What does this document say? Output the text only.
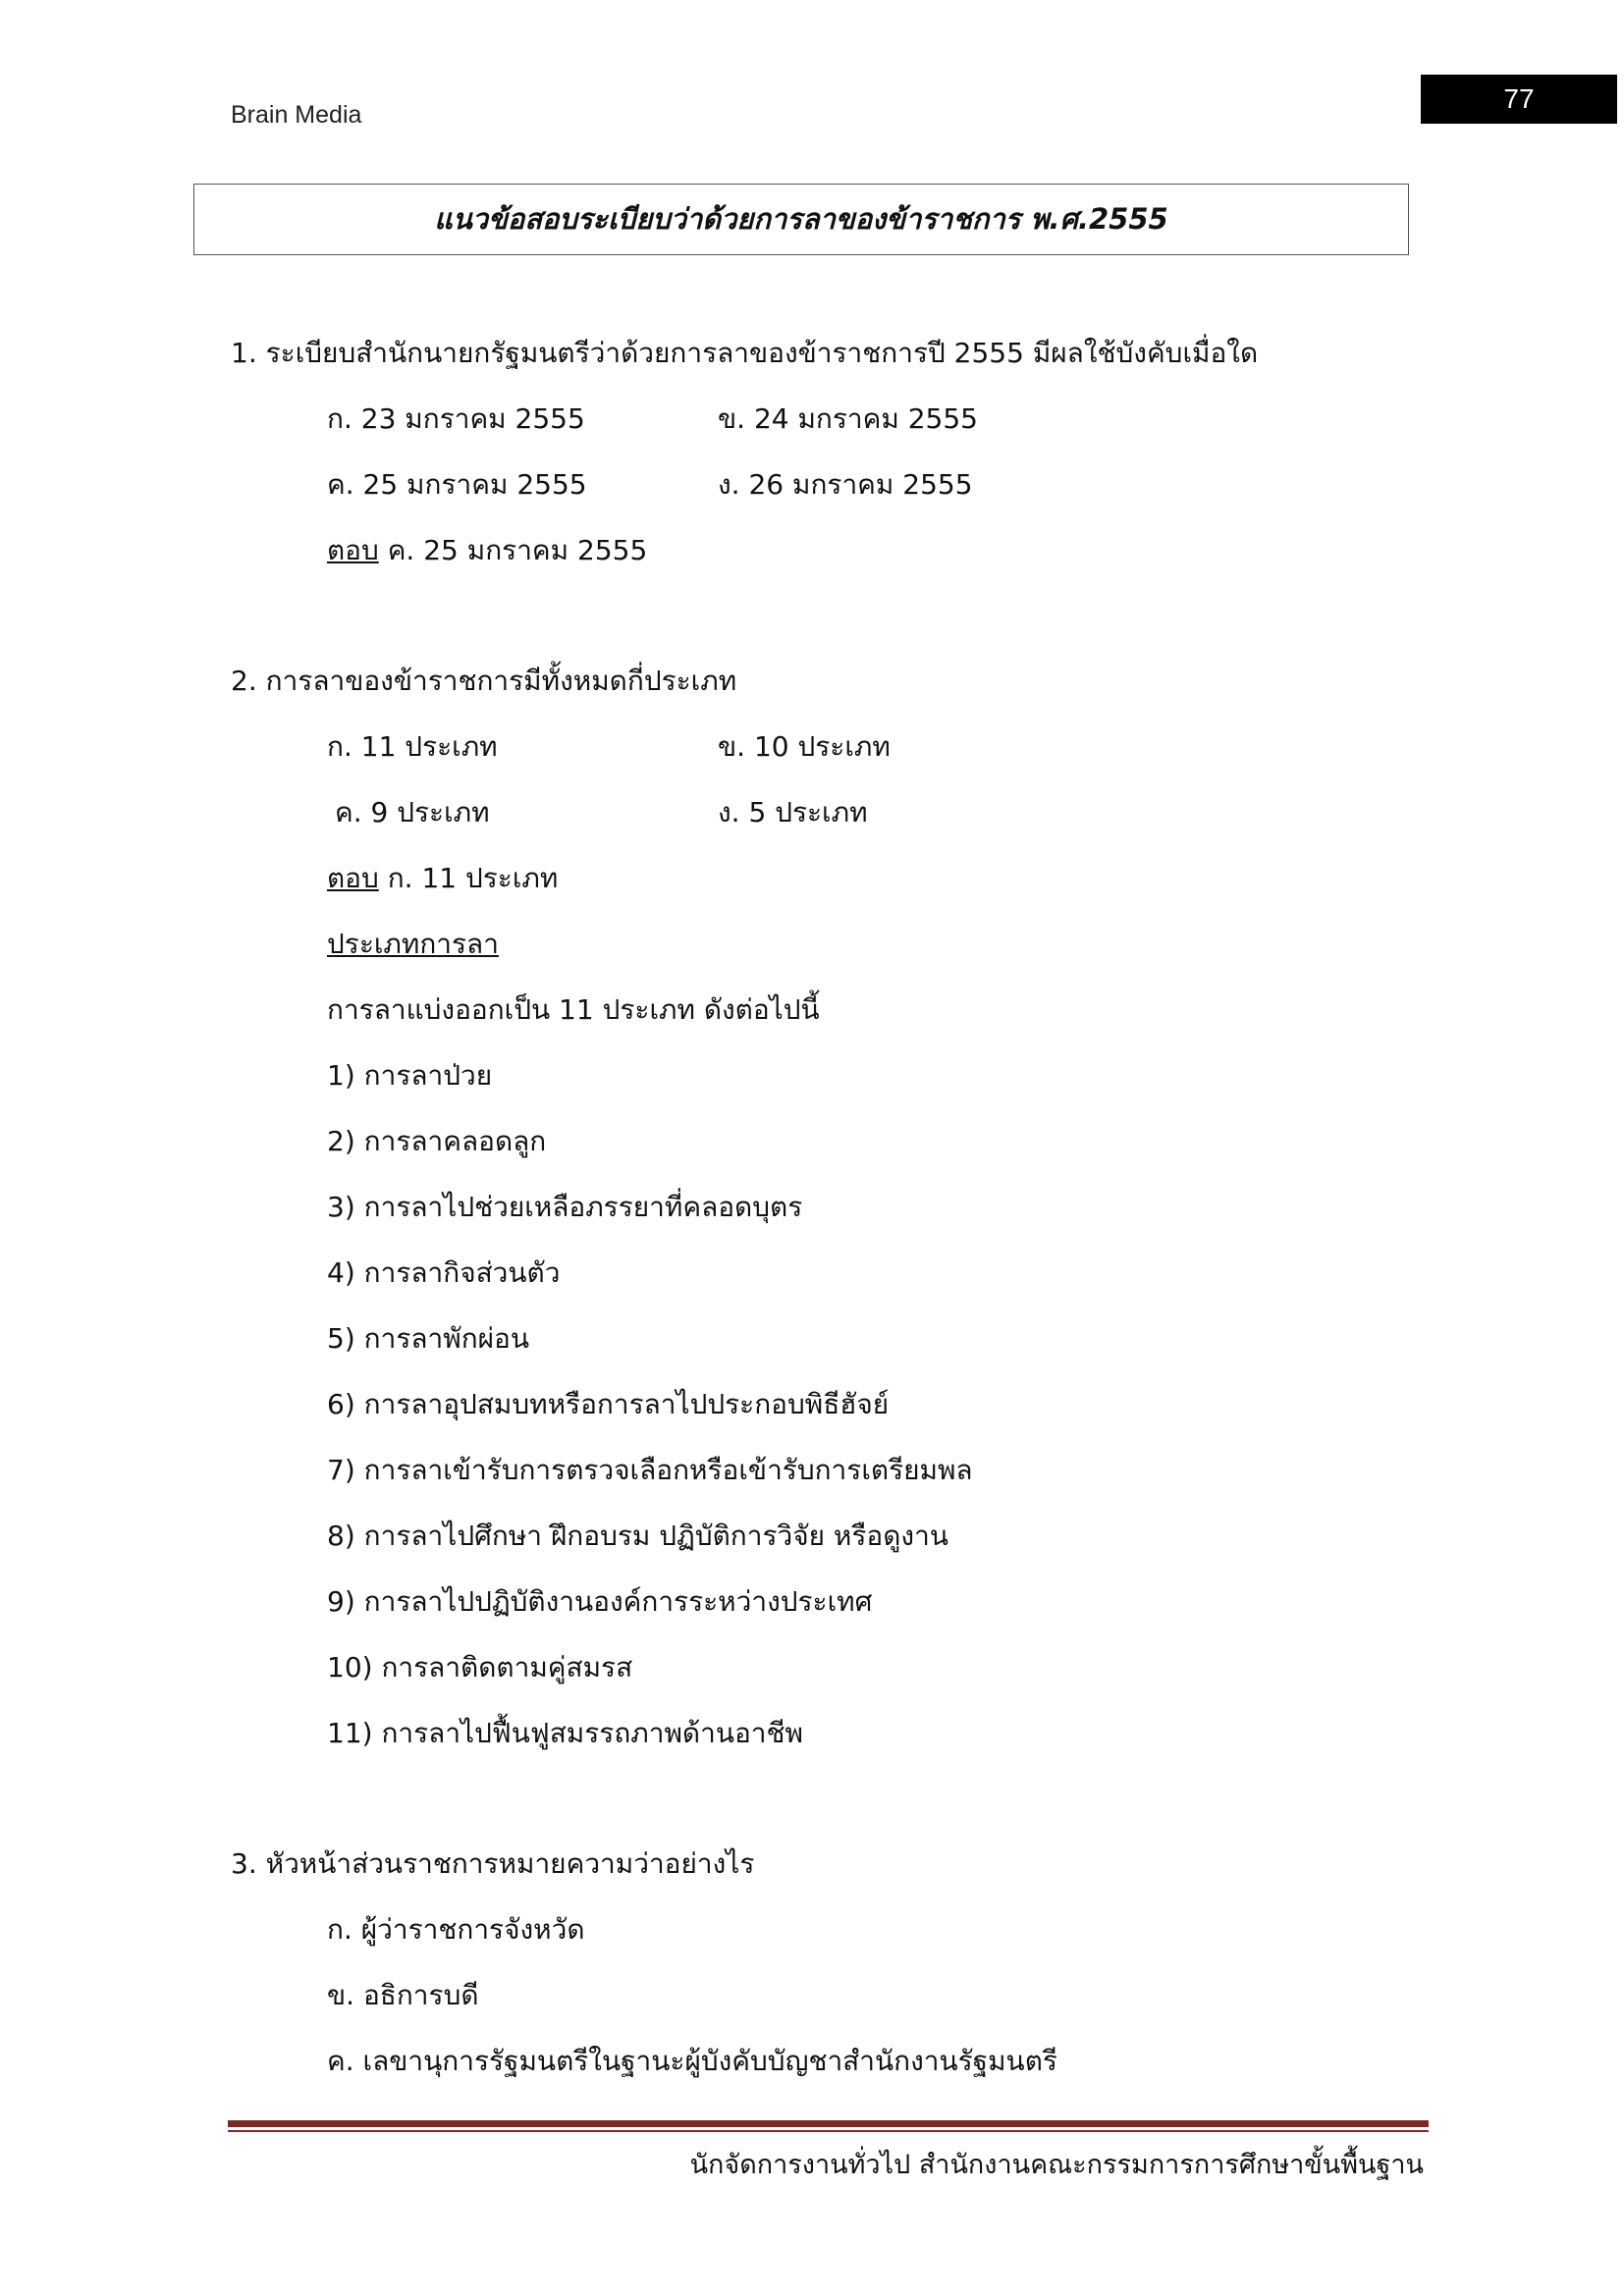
Brain Media
77
แนวข้อสอบระเบียบว่าด้วยการลาของข้าราชการ พ.ศ.2555
1. ระเบียบสำนักนายกรัฐมนตรีว่าด้วยการลาของข้าราชการปี 2555 มีผลใช้บังคับเมื่อใด
ก. 23 มกราคม 2555	ข. 24 มกราคม 2555
ค. 25 มกราคม 2555	ง. 26 มกราคม 2555
ตอบ ค. 25 มกราคม 2555
2. การลาของข้าราชการมีทั้งหมดกี่ประเภท
ก. 11 ประเภท	ข. 10 ประเภท
ค. 9 ประเภท	ง. 5 ประเภท
ตอบ ก. 11 ประเภท
ประเภทการลา
การลาแบ่งออกเป็น 11 ประเภท ดังต่อไปนี้
1) การลาป่วย
2) การลาคลอดลูก
3) การลาไปช่วยเหลือภรรยาที่คลอดบุตร
4) การลากิจส่วนตัว
5) การลาพักผ่อน
6) การลาอุปสมบทหรือการลาไปประกอบพิธีฮัจย์
7) การลาเข้ารับการตรวจเลือกหรือเข้ารับการเตรียมพล
8) การลาไปศึกษา ฝึกอบรม ปฏิบัติการวิจัย หรือดูงาน
9) การลาไปปฏิบัติงานองค์การระหว่างประเทศ
10) การลาติดตามคู่สมรส
11) การลาไปฟื้นฟูสมรรถภาพด้านอาชีพ
3. หัวหน้าส่วนราชการหมายความว่าอย่างไร
ก. ผู้ว่าราชการจังหวัด
ข. อธิการบดี
ค. เลขานุการรัฐมนตรีในฐานะผู้บังคับบัญชาสำนักงานรัฐมนตรี
นักจัดการงานทั่วไป สำนักงานคณะกรรมการการศึกษาขั้นพื้นฐาน
